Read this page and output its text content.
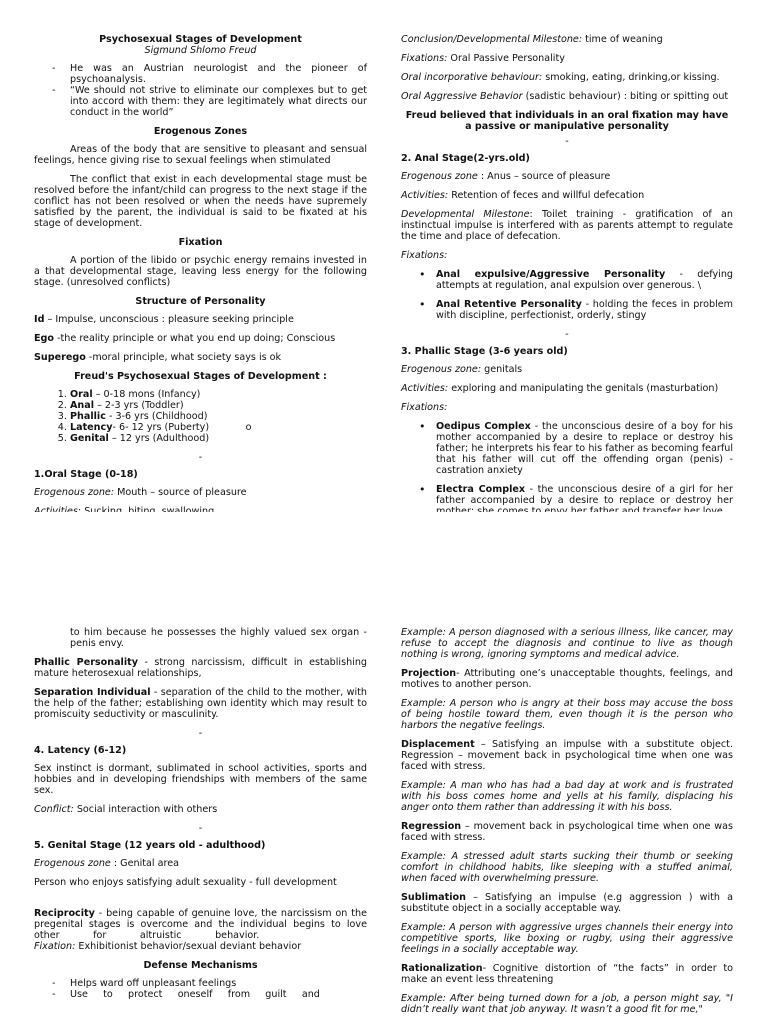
Psychosexual Stages of Development

Sigmund Shlomo Freud

- He was an Austrian neurologist and the pioneer of psychoanalysis.
- “We should not strive to eliminate our complexes but to get into accord with them: they are legitimately what directs our conduct in the world”

Erogenous Zones

Areas of the body that are sensitive to pleasant and sensual feelings, hence giving rise to sexual feelings when stimulated

The conflict that exist in each developmental stage must be resolved before the infant/child can progress to the next stage if the conflict has not been resolved or when the needs have supremely satisfied by the parent, the individual is said to be fixated at his stage of development.

Fixation

A portion of the libido or psychic energy remains invested in a that developmental stage, leaving less energy for the following stage. (unresolved conflicts)

Structure of Personality

Id – Impulse, unconscious : pleasure seeking principle

Ego -the reality principle or what you end up doing; Conscious

Superego -moral principle, what society says is ok

Freud's Psychosexual Stages of Development :

1. Oral – 0-18 mons (Infancy)
2. Anal – 2-3 yrs (Toddler)
3. Phallic - 3-6 yrs (Childhood)
4. Latency- 6- 12 yrs (Puberty)            o
5. Genital – 12 yrs (Adulthood)

-

1.Oral Stage (0-18)

Erogenous zone: Mouth – source of pleasure

Conclusion/Developmental Milestone: time of weaning

Fixations: Oral Passive Personality

Oral incorporative behaviour: smoking, eating, drinking,or kissing.

Oral Aggressive Behavior (sadistic behaviour) : biting or spitting out

Freud believed that individuals in an oral fixation may have a passive or manipulative personality

-

2. Anal Stage(2-yrs.old)

Erogenous zone : Anus – source of pleasure

Activities: Retention of feces and willful defecation

Developmental Milestone: Toilet training - gratification of an instinctual impulse is interfered with as parents attempt to regulate the time and place of defecation.

Fixations:

• Anal expulsive/Aggressive Personality - defying attempts at regulation, anal expulsion over generous. \
• Anal Retentive Personality - holding the feces in problem with discipline, perfectionist, orderly, stingy

-

3. Phallic Stage (3-6 years old)

Erogenous zone: genitals

Activities: exploring and manipulating the genitals (masturbation)

Fixations:

• Oedipus Complex - the unconscious desire of a boy for his mother accompanied by a desire to replace or destroy his father; he interprets his fear to his father as becoming fearful that his father will cut off the offending organ (penis) - castration anxiety
• Electra Complex - the unconscious desire of a girl for her father accompanied by a desire to replace or destroy her

to him because he possesses the highly valued sex organ - penis envy.

Phallic Personality - strong narcissism, difficult in establishing mature heterosexual relationships,

Separation Individual - separation of the child to the mother, with the help of the father; establishing own identity which may result to promiscuity seductivity or masculinity.

-

4. Latency (6-12)

Sex instinct is dormant, sublimated in school activities, sports and hobbies and in developing friendships with members of the same sex.

Conflict: Social interaction with others

-

5. Genital Stage (12 years old - adulthood)

Erogenous zone : Genital area

Person who enjoys satisfying adult sexuality - full development

Reciprocity - being capable of genuine love, the narcissism on the pregenital stages is overcome and the individual begins to love other           for           altruistic           behavior.

Fixation: Exhibitionist behavior/sexual deviant behavior

Defense Mechanisms

- Helps ward off unpleasant feelings
- Use     to     protect     oneself     from     guilt     and

Example: A person diagnosed with a serious illness, like cancer, may refuse to accept the diagnosis and continue to live as though nothing is wrong, ignoring symptoms and medical advice.

Projection- Attributing one’s unacceptable thoughts, feelings, and motives to another person.

Example: A person who is angry at their boss may accuse the boss of being hostile toward them, even though it is the person who harbors the negative feelings.

Displacement – Satisfying an impulse with a substitute object. Regression – movement back in psychological time when one was faced with stress.

Example: A man who has had a bad day at work and is frustrated with his boss comes home and yells at his family, displacing his anger onto them rather than addressing it with his boss.

Regression – movement back in psychological time when one was faced with stress.

Example: A stressed adult starts sucking their thumb or seeking comfort in childhood habits, like sleeping with a stuffed animal, when faced with overwhelming pressure.

Sublimation – Satisfying an impulse (e.g aggression ) with a substitute object in a socially acceptable way.

Example: A person with aggressive urges channels their energy into competitive sports, like boxing or rugby, using their aggressive feelings in a socially acceptable way.

Rationalization- Cognitive distortion of “the facts” in order to make an event less threatening

Example: After being turned down for a job, a person might say, "I didn’t really want that job anyway. It wasn’t a good fit for me,"
